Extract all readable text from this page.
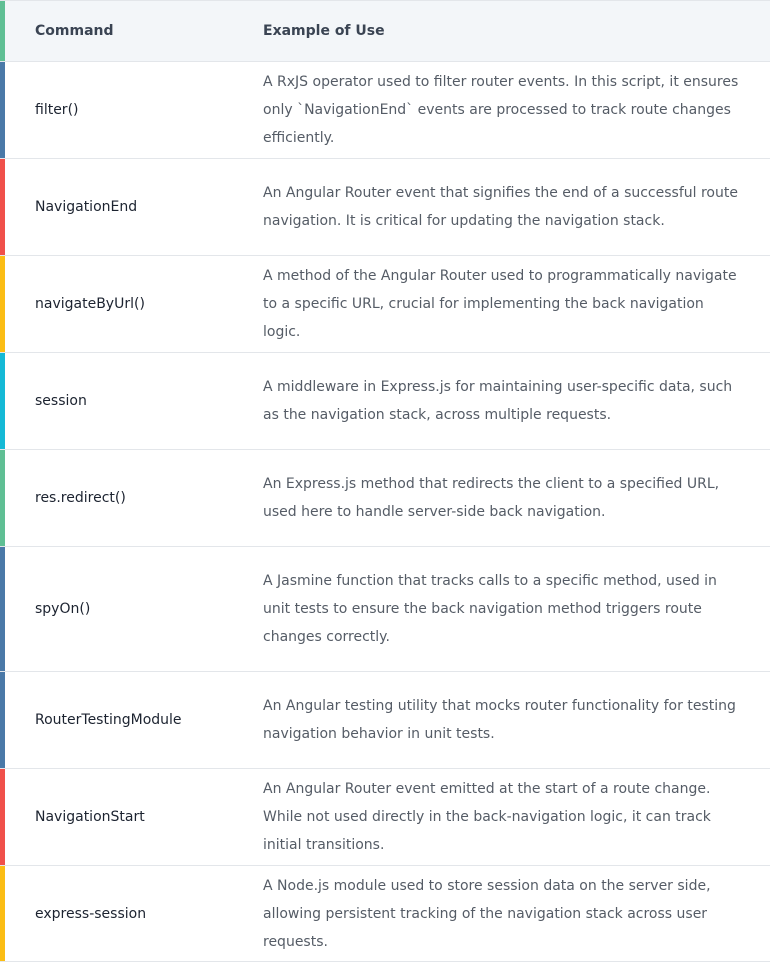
Command	Example of Use
filter()
A RxJS operator used to filter router events. In this script, it ensures only `NavigationEnd` events are processed to track route changes efficiently.
NavigationEnd
An Angular Router event that signifies the end of a successful route navigation. It is critical for updating the navigation stack.
navigateByUrl()
A method of the Angular Router used to programmatically navigate to a specific URL, crucial for implementing the back navigation logic.
session
A middleware in Express.js for maintaining user-specific data, such as the navigation stack, across multiple requests.
res.redirect()
An Express.js method that redirects the client to a specified URL, used here to handle server-side back navigation.
spyOn()
A Jasmine function that tracks calls to a specific method, used in unit tests to ensure the back navigation method triggers route changes correctly.
RouterTestingModule
An Angular testing utility that mocks router functionality for testing navigation behavior in unit tests.
NavigationStart
An Angular Router event emitted at the start of a route change. While not used directly in the back-navigation logic, it can track initial transitions.
express-session
A Node.js module used to store session data on the server side, allowing persistent tracking of the navigation stack across user requests.
